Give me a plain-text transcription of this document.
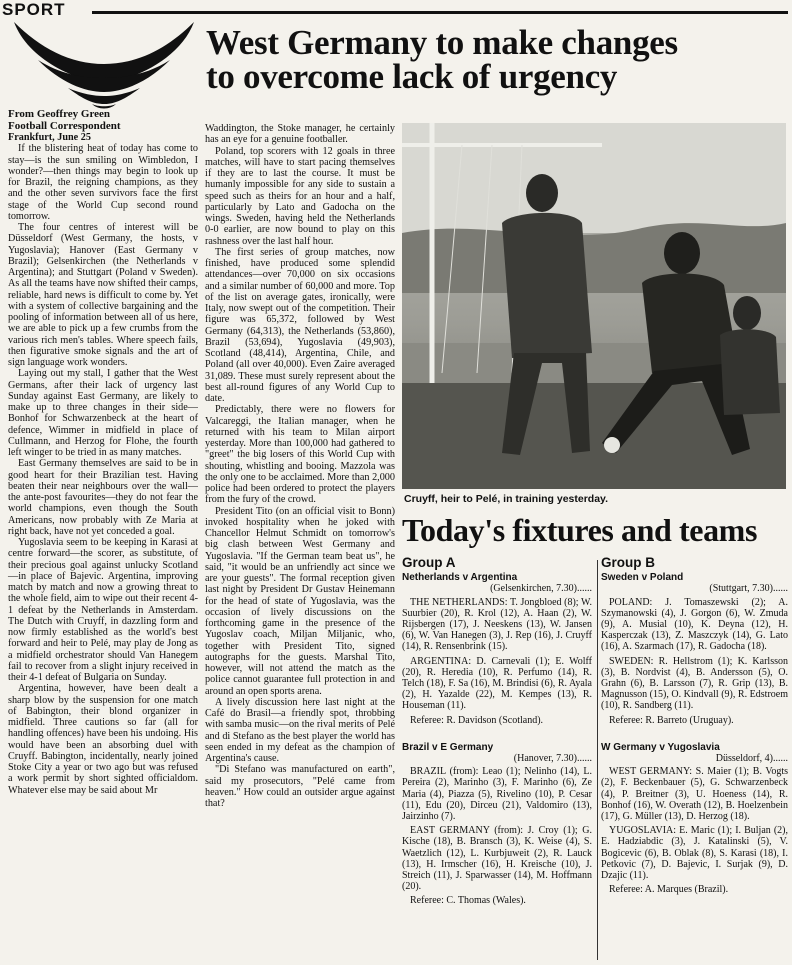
SPORT
West Germany to make changes
to overcome lack of urgency
From Geoffrey Green
Football Correspondent
Frankfurt, June 25

If the blistering heat of today has come to stay—is the sun smiling on Wimbledon, I wonder?—then things may begin to look up for Brazil, the reigning champions, as they and the other seven survivors face the first stage of the World Cup second round tomorrow.

The four centres of interest will be Düsseldorf (West Germany, the hosts, v Yugoslavia); Hanover (East Germany v Brazil); Gelsenkirchen (the Netherlands v Argentina); and Stuttgart (Poland v Sweden). As all the teams have now shifted their camps, reliable, hard news is difficult to come by. Yet with a system of collective bargaining and the pooling of information between all of us here, we are able to pick up a few crumbs from the various rich men's tables. Where speech fails, then figurative smoke signals and the art of sign language work wonders.

Laying out my stall, I gather that the West Germans, after their lack of urgency last Sunday against East Germany, are likely to make up to three changes in their side—Bonhof for Schwarzenbeck at the heart of defence, Wimmer in midfield in place of Cullmann, and Herzog for Flohe, the fourth left winger to be tried in as many matches.

East Germany themselves are said to be in good heart for their Brazilian test. Having beaten their near neighbours over the wall—the ante-post favourites—they do not fear the world champions, even though the South Americans, now probably with Ze Maria at right back, have not yet conceded a goal.

Yugoslavia seem to be keeping in Karasi at centre forward—the scorer, as substitute, of their precious goal against unlucky Scotland—in place of Bajevic. Argentina, improving match by match and now a growing threat to the whole field, aim to wipe out their recent 4-1 defeat by the Netherlands in Amsterdam. The Dutch with Cruyff, in dazzling form and now firmly established as the world's best forward and heir to Pelé, may play de Jong as a midfield orchestrator should Van Hanegem fail to recover from a slight injury received in their 4-1 defeat of Bulgaria on Sunday.

Argentina, however, have been dealt a sharp blow by the suspension for one match of Babington, their blond organizer in midfield. Three cautions so far (all for handling offences) have been his undoing. His would have been an absorbing duel with Cruyff. Babington, incidentally, nearly joined Stoke City a year or two ago but was refused a work permit by short sighted officialdom. Whatever else may be said about Mr

Waddington, the Stoke manager, he certainly has an eye for a genuine footballer.

Poland, top scorers with 12 goals in three matches, will have to start pacing themselves if they are to last the course. It must be humanly impossible for any side to sustain a speed such as theirs for an hour and a half, particularly by Lato and Gadocha on the wings. Sweden, having held the Netherlands 0-0 earlier, are now bound to play on this rashness over the last half hour.

The first series of group matches, now finished, have produced some splendid attendances—over 70,000 on six occasions and a similar number of 60,000 and more. Top of the list on average gates, ironically, were Italy, now swept out of the competition. Their figure was 65,372, followed by West Germany (64,313), the Netherlands (53,860), Brazil (53,694), Yugoslavia (49,903), Scotland (48,414), Argentina, Chile, and Poland (all over 40,000). Even Zaire averaged 31,089. These must surely represent about the best all-round figures of any World Cup to date.

Predictably, there were no flowers for Valcareggi, the Italian manager, when he returned with his team to Milan airport yesterday. More than 100,000 had gathered to "greet" the big losers of this World Cup with shouting, whistling and booing. Mazzola was the only one to be acclaimed. More than 2,000 police had been ordered to protect the players from the fury of the crowd.

President Tito (on an official visit to Bonn) invoked hospitality when he joked with Chancellor Helmut Schmidt on tomorrow's big clash between West Germany and Yugoslavia. "If the German team beat us", he said, "it would be an unfriendly act since we are your guests". The formal reception given last night by President Dr Gustav Heinemann for the head of state of Yugoslavia, was the occasion of lively discussions on the forthcoming game in the presence of the Yugoslav coach, Miljan Miljanic, who, together with President Tito, signed autographs for the guests. Marshal Tito, however, will not attend the match as the police cannot guarantee full protection in and around an open sports arena.

A lively discussion here last night at the Café do Brasil—a friendly spot, throbbing with samba music—on the rival merits of Pelé and di Stefano as the best player the world has seen ended in my defeat as the champion of Argentina's cause.

"Di Stefano was manufactured on earth", said my prosecutors, "Pelé came from heaven." How could an outsider argue against that?

Cruyff, heir to Pelé, in training yesterday.
Today's fixtures and teams
Group A
Netherlands v Argentina
(Gelsenkirchen, 7.30)......

THE NETHERLANDS: T. Jongbloed (8); W. Suurbier (20), R. Krol (12), A. Haan (2), W. Rijsbergen (17), J. Neeskens (13), W. Jansen (6), W. Van Hanegen (3), J. Rep (16), J. Cruyff (14), R. Rensenbrink (15).

ARGENTINA: D. Carnevali (1); E. Wolff (20), R. Heredia (10), R. Perfumo (14), R. Telch (18), F. Sa (16), M. Brindisi (6), R. Ayala (2), H. Yazalde (22), M. Kempes (13), R. Houseman (11).

Referee: R. Davidson (Scotland).

Brazil v E Germany
(Hanover, 7.30)......

BRAZIL (from): Leao (1); Nelinho (14), L. Pereira (2), Marinho (3), F. Marinho (6), Ze Maria (4), Piazza (5), Rivelino (10), P. Cesar (11), Edu (20), Dirceu (21), Valdomiro (13), Jairzinho (7).

EAST GERMANY (from): J. Croy (1); G. Kische (18), B. Bransch (3), K. Weise (4), S. Waetzlich (12), L. Kurbjuweit (2), R. Lauck (13), H. Irmscher (16), H. Kreische (10), J. Streich (11), J. Sparwasser (14), M. Hoffmann (20).

Referee: C. Thomas (Wales).

Group B
Sweden v Poland
(Stuttgart, 7.30)......

POLAND: J. Tomaszewski (2); A. Szymanowski (4), J. Gorgon (6), W. Zmuda (9), A. Musial (10), K. Deyna (12), H. Kasperczak (13), Z. Maszczyk (14), G. Lato (16), A. Szarmach (17), R. Gadocha (18).

SWEDEN: R. Hellstrom (1); K. Karlsson (3), B. Nordvist (4), B. Andersson (5), O. Grahn (6), B. Larsson (7), R. Grip (13), B. Magnusson (15), O. Kindvall (9), R. Edstroem (10), R. Sandberg (11).

Referee: R. Barreto (Uruguay).

W Germany v Yugoslavia
Düsseldorf, 4)......

WEST GERMANY: S. Maier (1); B. Vogts (2), F. Beckenbauer (5), G. Schwarzenbeck (4), P. Breitner (3), U. Hoeness (14), R. Bonhof (16), W. Overath (12), B. Hoelzenbein (17), G. Müller (13), D. Herzog (18).

YUGOSLAVIA: E. Maric (1); I. Buljan (2), E. Hadziabdic (3), J. Katalinski (5), V. Bogicevic (6), B. Oblak (8), S. Karasi (18), I. Petkovic (7), D. Bajevic, I. Surjak (9), D. Dzajic (11).

Referee: A. Marques (Brazil).
